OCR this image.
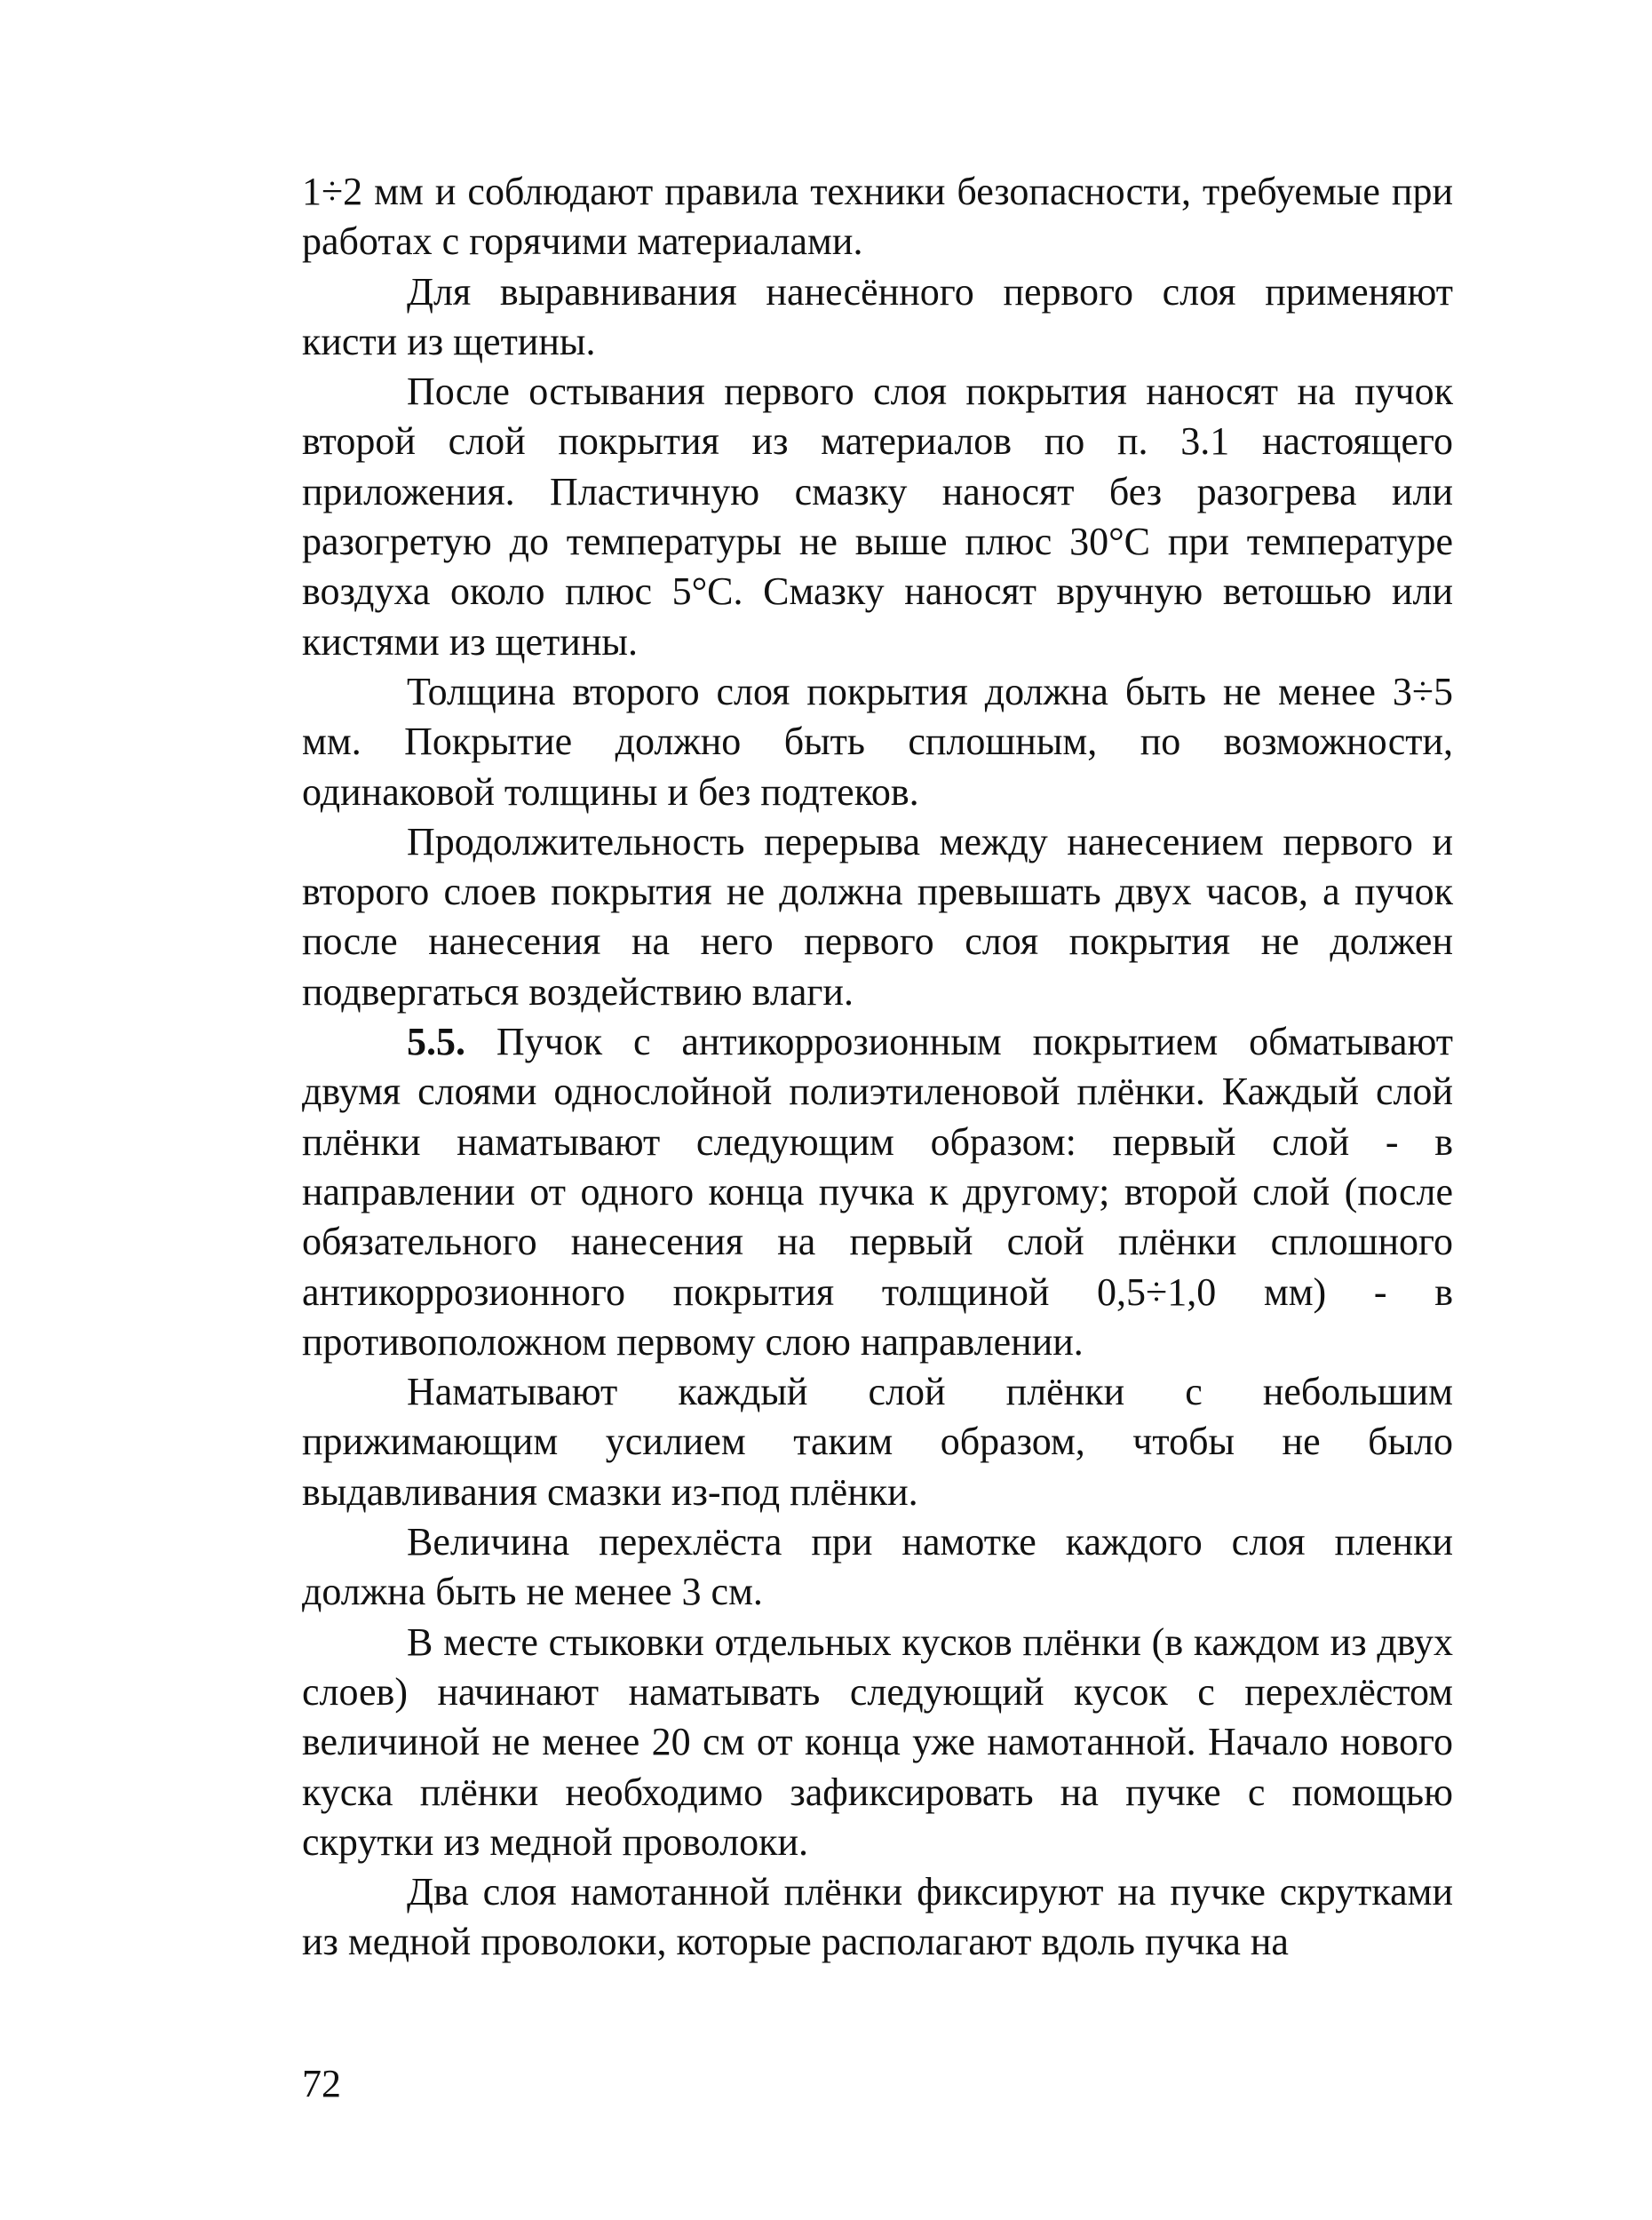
1÷2 мм и соблюдают правила техники безопасности, требуемые при работах с горячими материалами.

Для выравнивания нанесённого первого слоя применяют кисти из щетины.

После остывания первого слоя покрытия наносят на пучок второй слой покрытия из материалов по п. 3.1 настоящего приложения. Пластичную смазку наносят без разогрева или разогретую до температуры не выше плюс 30°С при температуре воздуха около плюс 5°С. Смазку наносят вручную ветошью или кистями из щетины.

Толщина второго слоя покрытия должна быть не менее 3÷5 мм. Покрытие должно быть сплошным, по возможности, одинаковой толщины и без подтеков.

Продолжительность перерыва между нанесением первого и второго слоев покрытия не должна превышать двух часов, а пучок после нанесения на него первого слоя покрытия не должен подвергаться воздействию влаги.

5.5. Пучок с антикоррозионным покрытием обматывают двумя слоями однослойной полиэтиленовой плёнки. Каждый слой плёнки наматывают следующим образом: первый слой - в направлении от одного конца пучка к другому; второй слой (после обязательного нанесения на первый слой плёнки сплошного антикоррозионного покрытия толщиной 0,5÷1,0 мм) - в противоположном первому слою направлении.

Наматывают каждый слой плёнки с небольшим прижимающим усилием таким образом, чтобы не было выдавливания смазки из-под плёнки.

Величина перехлёста при намотке каждого слоя пленки должна быть не менее 3 см.

В месте стыковки отдельных кусков плёнки (в каждом из двух слоев) начинают наматывать следующий кусок с перехлёстом величиной не менее 20 см от конца уже намотанной. Начало нового куска плёнки необходимо зафиксировать на пучке с помощью скрутки из медной проволоки.

Два слоя намотанной плёнки фиксируют на пучке скрутками из медной проволоки, которые располагают вдоль пучка на

72
